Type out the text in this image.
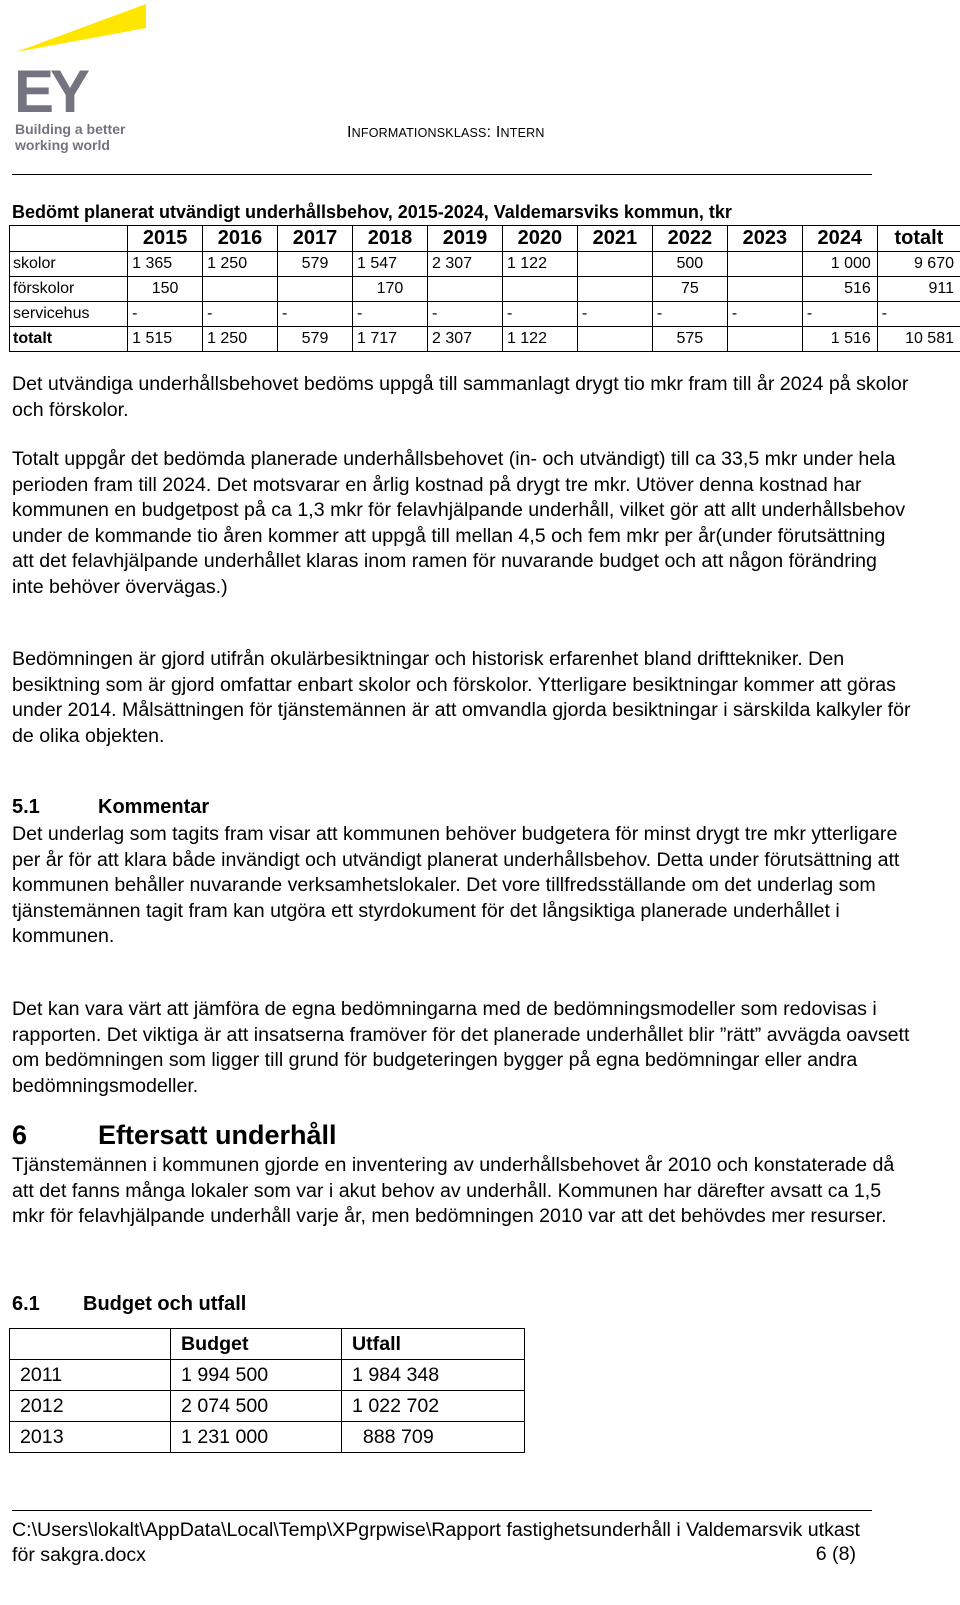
EY
Building a better
working world
INFORMATIONSKLASS: INTERN
Bedömt planerat utvändigt underhållsbehov, 2015-2024, Valdemarsviks kommun, tkr
	2015	2016	2017	2018	2019	2020	2021	2022	2023	2024	totalt
skolor	1 365	1 250	579	1 547	2 307	1 122		500		1 000	9 670
förskolor	150			170				75		516	911
servicehus	-	-	-	-	-	-	-	-	-	-	-
totalt	1 515	1 250	579	1 717	2 307	1 122		575		1 516	10 581
Det utvändiga underhållsbehovet bedöms uppgå till sammanlagt drygt tio mkr fram till år 2024 på skolor och förskolor.
Totalt uppgår det bedömda planerade underhållsbehovet (in- och utvändigt) till ca 33,5 mkr under hela perioden fram till 2024. Det motsvarar en årlig kostnad på drygt tre mkr. Utöver denna kostnad har kommunen en budgetpost på ca 1,3 mkr för felavhjälpande underhåll, vilket gör att allt underhållsbehov under de kommande tio åren kommer att uppgå till mellan 4,5 och fem mkr per år(under förutsättning att det felavhjälpande underhållet klaras inom ramen för nuvarande budget och att någon förändring inte behöver övervägas.)
Bedömningen är gjord utifrån okulärbesiktningar och historisk erfarenhet bland drifttekniker. Den besiktning som är gjord omfattar enbart skolor och förskolor. Ytterligare besiktningar kommer att göras under 2014. Målsättningen för tjänstemännen är att omvandla gjorda besiktningar i särskilda kalkyler för de olika objekten.
5.1	Kommentar
Det underlag som tagits fram visar att kommunen behöver budgetera för minst drygt tre mkr ytterligare per år för att klara både invändigt och utvändigt planerat underhållsbehov. Detta under förutsättning att kommunen behåller nuvarande verksamhetslokaler. Det vore tillfredsställande om det underlag som tjänstemännen tagit fram kan utgöra ett styrdokument för det långsiktiga planerade underhållet i kommunen.
Det kan vara värt att jämföra de egna bedömningarna med de bedömningsmodeller som redovisas i rapporten. Det viktiga är att insatserna framöver för det planerade underhållet blir ”rätt” avvägda oavsett om bedömningen som ligger till grund för budgeteringen bygger på egna bedömningar eller andra bedömningsmodeller.
6	Eftersatt underhåll
Tjänstemännen i kommunen gjorde en inventering av underhållsbehovet år 2010 och konstaterade då att det fanns många lokaler som var i akut behov av underhåll. Kommunen har därefter avsatt ca 1,5 mkr för felavhjälpande underhåll varje år, men bedömningen 2010 var att det behövdes mer resurser.
6.1 Budget och utfall
	Budget	Utfall
2011	1 994 500	1 984 348
2012	2 074 500	1 022 702
2013	1 231 000	888 709
C:\Users\lokalt\AppData\Local\Temp\XPgrpwise\Rapport fastighetsunderhåll i Valdemarsvik utkast för sakgra.docx	6 (8)
